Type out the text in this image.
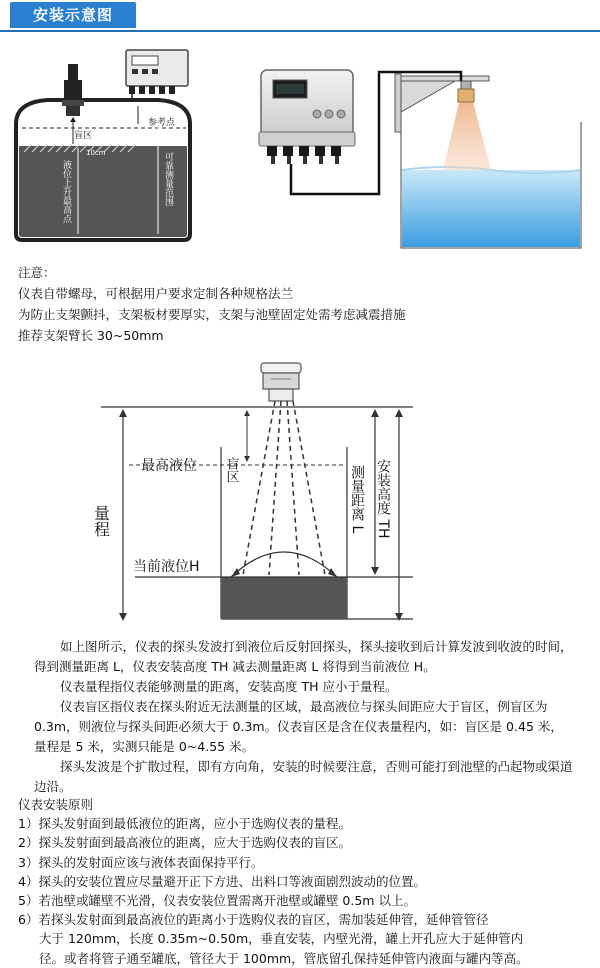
安装示意图
盲区
参考点
10cm
液位上升最高点	可靠测量范围
注意：
仪表自带螺母，可根据用户要求定制各种规格法兰
为防止支架颤抖，支架板材要厚实，支架与池壁固定处需考虑减震措施
推荐支架臂长 30~50mm
盲区
最高液位
量程
当前液位H
测量距离 L 安装高度 TH
如上图所示，仪表的探头发波打到液位后反射回探头，探头接收到后计算发波到收波的时间，得到测量距离 L，仪表安装高度 TH 减去测量距离 L 将得到当前液位 H。
仪表量程指仪表能够测量的距离，安装高度 TH 应小于量程。
仪表盲区指仪表在探头附近无法测量的区域，最高液位与探头间距应大于盲区，例盲区为 0.3m，则液位与探头间距必须大于 0.3m。仪表盲区是含在仪表量程内，如：盲区是 0.45 米，量程是 5 米，实测只能是 0~4.55 米。
探头发波是个扩散过程，即有方向角，安装的时候要注意，否则可能打到池壁的凸起物或渠道边沿。
仪表安装原则
1）探头发射面到最低液位的距离，应小于选购仪表的量程。
2）探头发射面到最高液位的距离，应大于选购仪表的盲区。
3）探头的发射面应该与液体表面保持平行。
4）探头的安装位置应尽量避开正下方进、出料口等液面剧烈波动的位置。
5）若池壁或罐壁不光滑，仪表安装位置需离开池壁或罐壁 0.5m 以上。
6）若探头发射面到最高液位的距离小于选购仪表的盲区，需加装延伸管，延伸管管径
大于 120mm，长度 0.35m~0.50m，垂直安装，内壁光滑，罐上开孔应大于延伸管内
径。或者将管子通至罐底，管径大于 100mm，管底留孔保持延伸管内液面与罐内等高。
